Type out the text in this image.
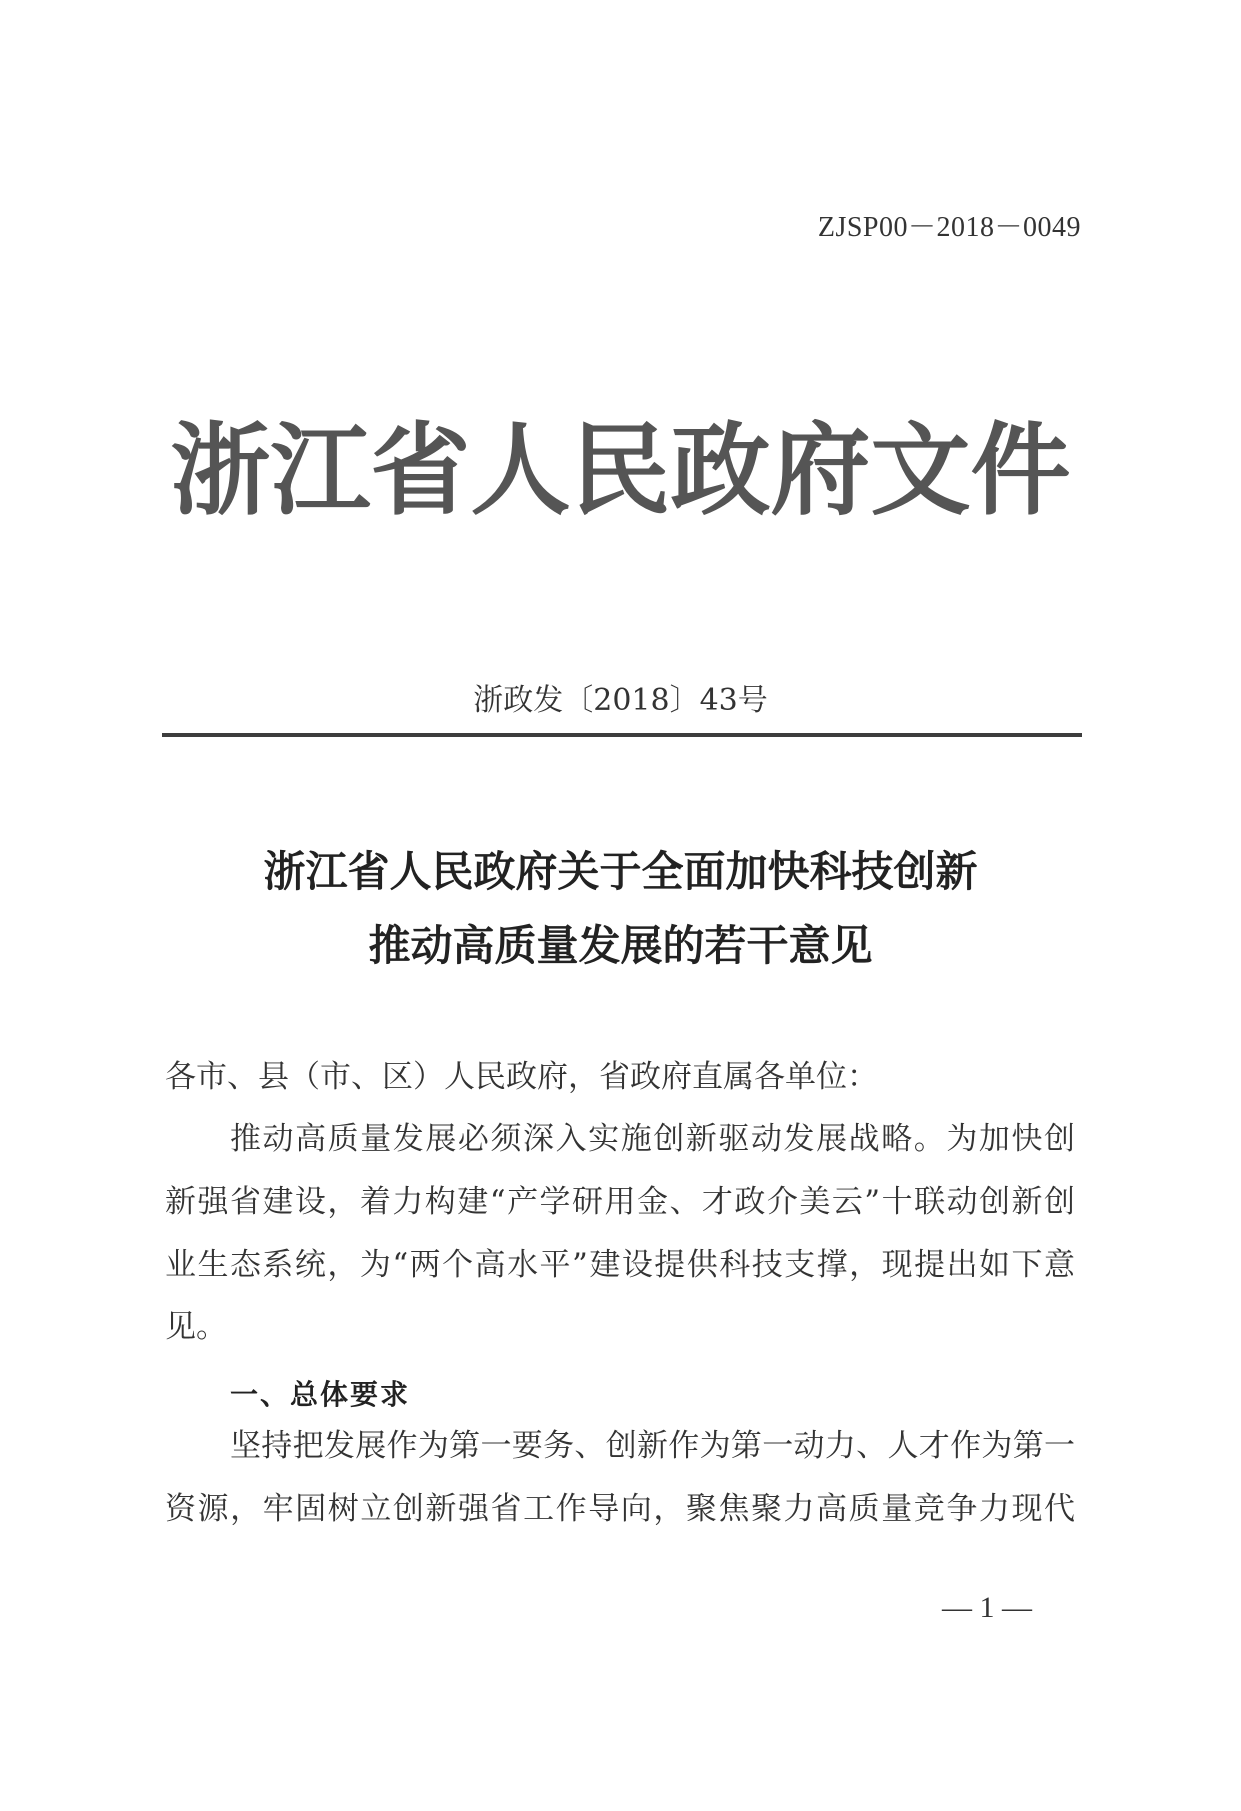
ZJSP00－2018－0049
浙江省人民政府文件
浙政发〔2018〕43号
浙江省人民政府关于全面加快科技创新
推动高质量发展的若干意见
各市、县（市、区）人民政府，省政府直属各单位：
推动高质量发展必须深入实施创新驱动发展战略。为加快创
新强省建设，着力构建“产学研用金、才政介美云”十联动创新创
业生态系统，为“两个高水平”建设提供科技支撑，现提出如下意
见。
一、总体要求
坚持把发展作为第一要务、创新作为第一动力、人才作为第一
资源，牢固树立创新强省工作导向，聚焦聚力高质量竞争力现代
— 1 —
